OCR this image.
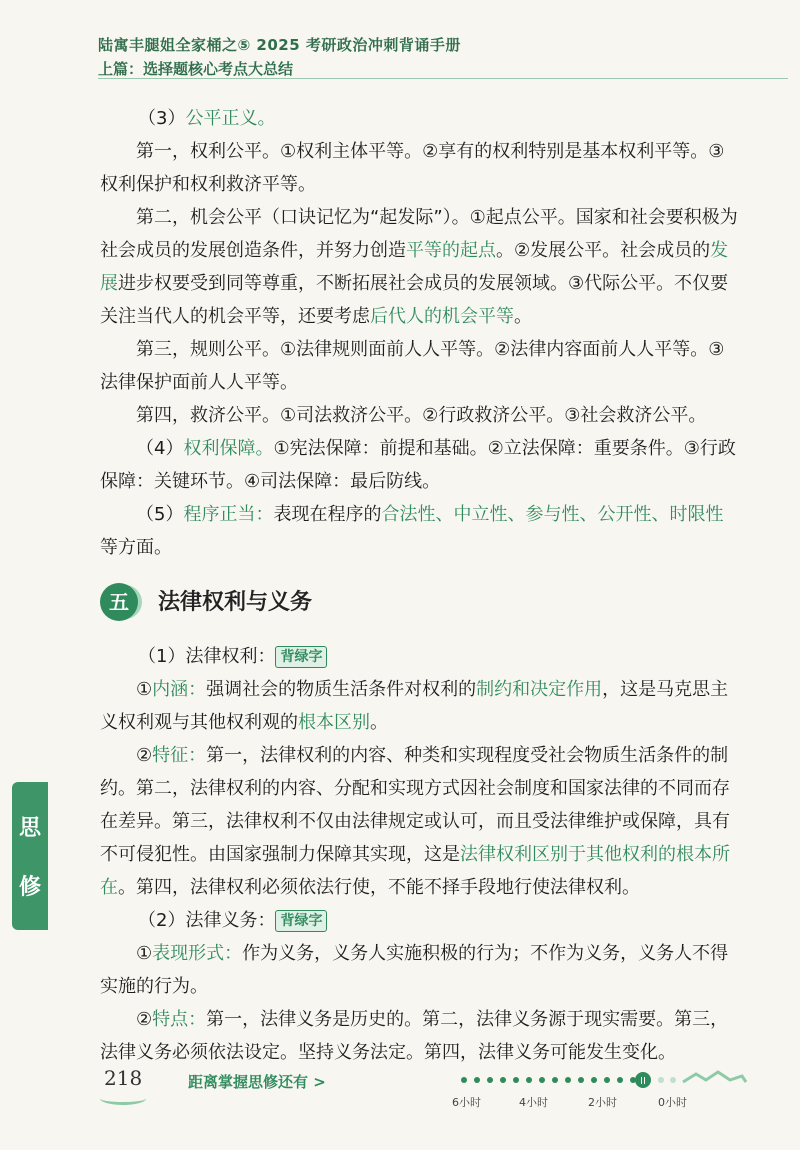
陆寓丰腿姐全家桶之⑤ 2025 考研政治冲刺背诵手册
上篇：选择题核心考点大总结

（3）公平正义。

第一，权利公平。①权利主体平等。②享有的权利特别是基本权利平等。③权利保护和权利救济平等。

第二，机会公平（口诀记忆为“起发际”）。①起点公平。国家和社会要积极为社会成员的发展创造条件，并努力创造平等的起点。②发展公平。社会成员的发展进步权要受到同等尊重，不断拓展社会成员的发展领域。③代际公平。不仅要关注当代人的机会平等，还要考虑后代人的机会平等。

第三，规则公平。①法律规则面前人人平等。②法律内容面前人人平等。③法律保护面前人人平等。

第四，救济公平。①司法救济公平。②行政救济公平。③社会救济公平。

（4）权利保障。①宪法保障：前提和基础。②立法保障：重要条件。③行政保障：关键环节。④司法保障：最后防线。

（5）程序正当：表现在程序的合法性、中立性、参与性、公开性、时限性等方面。

五	法律权利与义务

（1）法律权利： 背绿字

①内涵：强调社会的物质生活条件对权利的制约和决定作用，这是马克思主义权利观与其他权利观的根本区别。

②特征：第一，法律权利的内容、种类和实现程度受社会物质生活条件的制约。第二，法律权利的内容、分配和实现方式因社会制度和国家法律的不同而存在差异。第三，法律权利不仅由法律规定或认可，而且受法律维护或保障，具有不可侵犯性。由国家强制力保障其实现，这是法律权利区别于其他权利的根本所在。第四，法律权利必须依法行使，不能不择手段地行使法律权利。

（2）法律义务： 背绿字

①表现形式：作为义务，义务人实施积极的行为；不作为义务，义务人不得实施的行为。

②特点：第一，法律义务是历史的。第二，法律义务源于现实需要。第三，法律义务必须依法设定。坚持义务法定。第四，法律义务可能发生变化。

思
修
218	距离掌握思修还有 >	II
6小时	4小时	2小时	0小时
